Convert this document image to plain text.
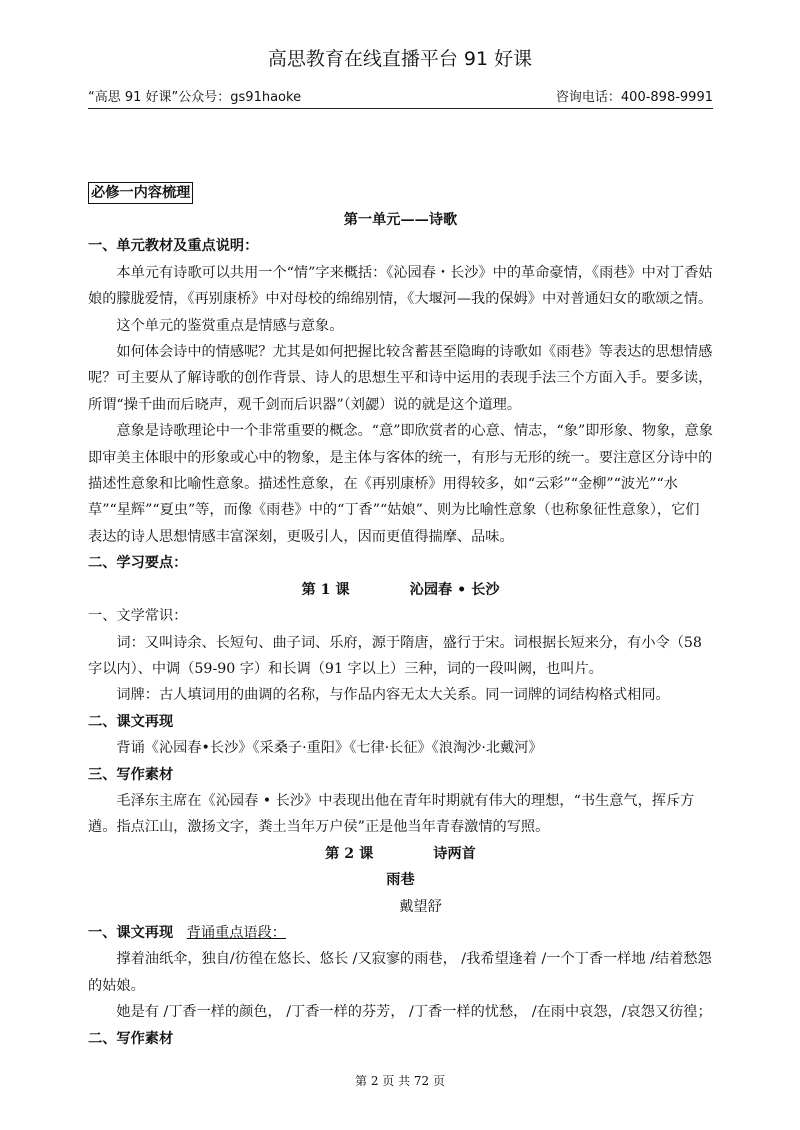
高思教育在线直播平台 91 好课
“高思 91 好课”公众号：gs91haoke	咨询电话：400-898-9991
必修一内容梳理

第一单元——诗歌

一、单元教材及重点说明：

本单元有诗歌可以共用一个“情”字来概括：《沁园春・长沙》中的革命豪情，《雨巷》中对丁香姑娘的朦胧爱情，《再别康桥》中对母校的绵绵别情，《大堰河—我的保姆》中对普通妇女的歌颂之情。

这个单元的鉴赏重点是情感与意象。

如何体会诗中的情感呢？尤其是如何把握比较含蓄甚至隐晦的诗歌如《雨巷》等表达的思想情感呢？可主要从了解诗歌的创作背景、诗人的思想生平和诗中运用的表现手法三个方面入手。要多读，所谓“操千曲而后晓声，观千剑而后识器”（刘勰）说的就是这个道理。

意象是诗歌理论中一个非常重要的概念。“意”即欣赏者的心意、情志，“象”即形象、物象，意象即审美主体眼中的形象或心中的物象，是主体与客体的统一，有形与无形的统一。要注意区分诗中的描述性意象和比喻性意象。描述性意象，在《再别康桥》用得较多，如“云彩”“金柳”“波光”“水草”“星辉”“夏虫”等，而像《雨巷》中的“丁香”“姑娘”、则为比喻性意象（也称象征性意象），它们表达的诗人思想情感丰富深刻，更吸引人，因而更值得揣摩、品味。

二、学习要点：

第 1 课	沁园春 • 长沙

一、文学常识：

词：又叫诗余、长短句、曲子词、乐府，源于隋唐，盛行于宋。词根据长短来分，有小令（58 字以内）、中调（59-90 字）和长调（91 字以上）三种，词的一段叫阙，也叫片。

词牌：古人填词用的曲调的名称，与作品内容无太大关系。同一词牌的词结构格式相同。

二、课文再现

背诵《沁园春•长沙》《采桑子·重阳》《七律·长征》《浪淘沙·北戴河》

三、写作素材

毛泽东主席在《沁园春 • 长沙》中表现出他在青年时期就有伟大的理想，“书生意气，挥斥方遒。指点江山，激扬文字，粪土当年万户侯”正是他当年青春激情的写照。

第 2 课	诗两首

雨巷

戴望舒

一、课文再现 背诵重点语段：

撑着油纸伞，独自/彷徨在悠长、悠长 /又寂寥的雨巷， /我希望逢着 /一个丁香一样地 /结着愁怨的姑娘。

她是有 /丁香一样的颜色， /丁香一样的芬芳， /丁香一样的忧愁， /在雨中哀怨，/哀怨又彷徨；

二、写作素材

第 2 页 共 72 页
